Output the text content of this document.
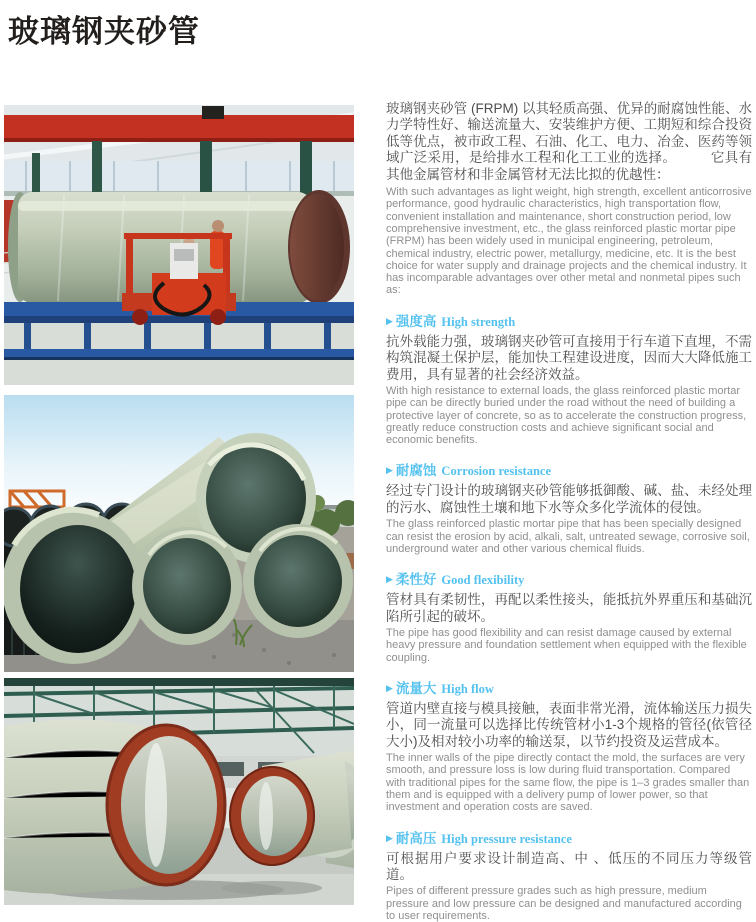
玻璃钢夹砂管

玻璃钢夹砂管 (FRPM) 以其轻质高强、优异的耐腐蚀性能、水力学特性好、输送流量大、安装维护方便、工期短和综合投资低等优点，被市政工程、石油、化工、电力、冶金、医药等领域广泛采用，是给排水工程和化工工业的选择。　　　它具有其他金属管材和非金属管材无法比拟的优越性：

With such advantages as light weight, high strength, excellent anticorrosive performance, good hydraulic characteristics, high transportation flow, convenient installation and maintenance, short construction period, low comprehensive investment, etc., the glass reinforced plastic mortar pipe (FRPM) has been widely used in municipal engineering, petroleum, chemical industry, electric power, metallurgy, medicine, etc. It is the best choice for water supply and drainage projects and the chemical industry. It has incomparable advantages over other metal and nonmetal pipes such as:

▶ 强度高 High strength

抗外载能力强，玻璃钢夹砂管可直接用于行车道下直埋，不需构筑混凝土保护层，能加快工程建设进度，因而大大降低施工费用，具有显著的社会经济效益。

With high resistance to external loads, the glass reinforced plastic mortar pipe can be directly buried under the road without the need of building a protective layer of concrete, so as to accelerate the construction progress, greatly reduce construction costs and achieve significant social and economic benefits.

▶ 耐腐蚀 Corrosion resistance

经过专门设计的玻璃钢夹砂管能够抵御酸、碱、盐、未经处理的污水、腐蚀性土壤和地下水等众多化学流体的侵蚀。

The glass reinforced plastic mortar pipe that has been specially designed can resist the erosion by acid, alkali, salt, untreated sewage, corrosive soil, underground water and other various chemical fluids.

▶ 柔性好 Good flexibility

管材具有柔韧性，再配以柔性接头，能抵抗外界重压和基础沉陷所引起的破坏。

The pipe has good flexibility and can resist damage caused by external heavy pressure and foundation settlement when equipped with the flexible coupling.

▶ 流量大 High flow

管道内壁直接与模具接触，表面非常光滑，流体输送压力损失小，同一流量可以选择比传统管材小1-3个规格的管径(依管径大小)及相对较小功率的输送泵，以节约投资及运营成本。

The inner walls of the pipe directly contact the mold, the surfaces are very smooth, and pressure loss is low during fluid transportation. Compared with traditional pipes for the same flow, the pipe is 1–3 grades smaller than them and is equipped with a delivery pump of lower power, so that investment and operation costs are saved.

▶ 耐高压 High pressure resistance

可根据用户要求设计制造高、中 、低压的不同压力等级管道。

Pipes of different pressure grades such as high pressure, medium pressure and low pressure can be designed and manufactured according to user requirements.
